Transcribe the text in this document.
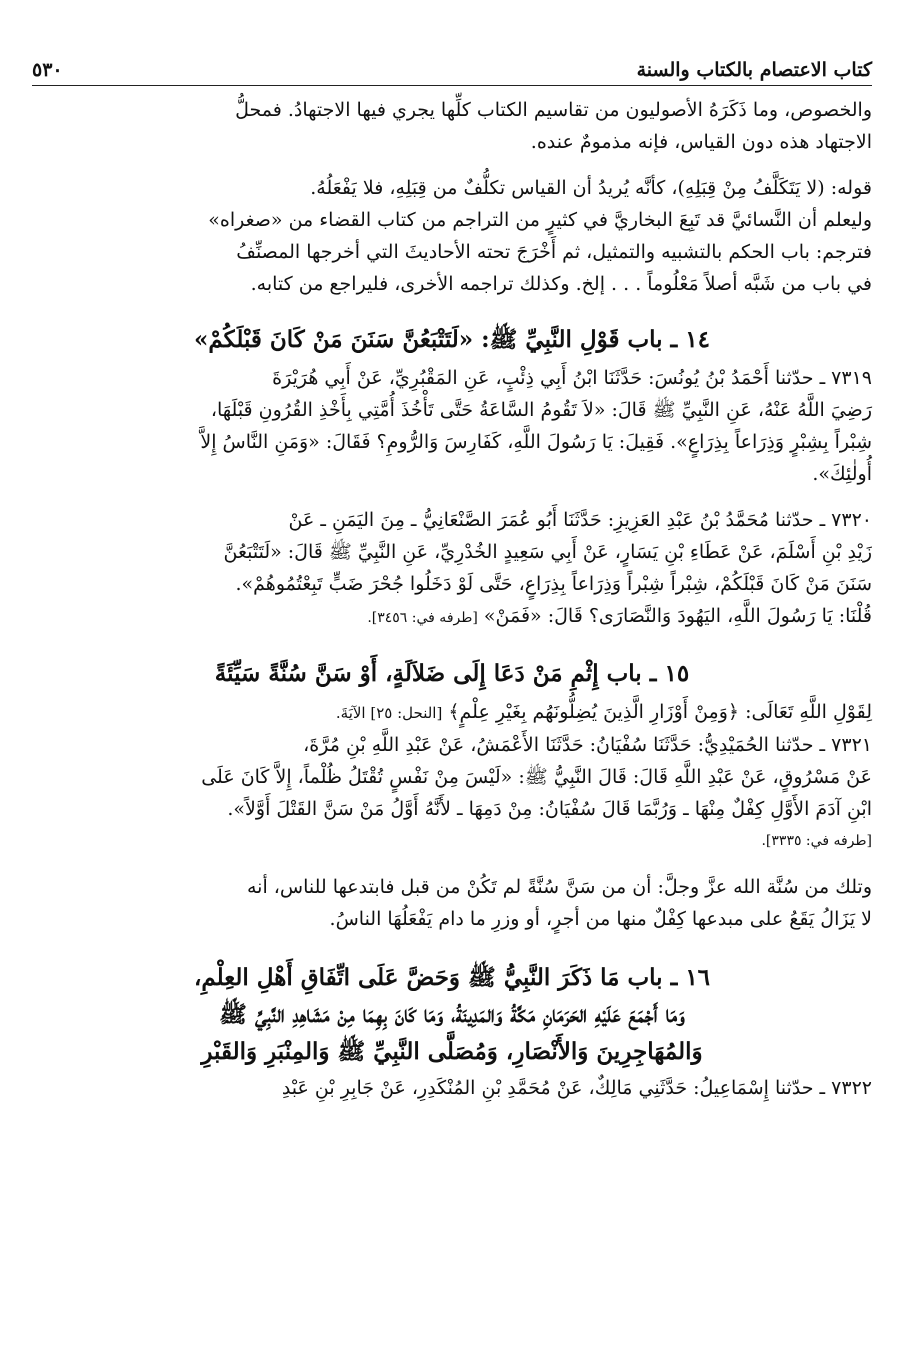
كتاب الاعتصام بالكتاب والسنة
٥٣٠

والخصوص، وما ذَكَرَهُ الأصوليون من تقاسيم الكتاب كلِّها يجري فيها الاجتهادُ. فمحلُّ

الاجتهاد هذه دون القياس، فإنه مذمومٌ عنده.

قوله: (لا يَتَكَلَّفُ مِنْ قِبَلِهِ)، كأنَّه يُريدُ أن القياس تكلُّفٌ من قِبَلِهِ، فلا يَفْعَلُهُ.

وليعلم أن النَّسائيَّ قد تَبِعَ البخاريَّ في كثيرٍ من التراجم من كتاب القضاء من «صغراه»

فترجم: باب الحكم بالتشبيه والتمثيل، ثم أَخْرَجَ تحته الأحاديثَ التي أخرجها المصنِّفُ

في باب من شَبَّه أصلاً مَعْلُوماً . . . إلخ. وكذلك تراجمه الأخرى، فليراجع من كتابه.

١٤ ـ باب قَوْلِ النَّبِيِّ ﷺ: «لَتَتْبَعُنَّ سَنَنَ مَنْ كَانَ قَبْلَكُمْ»

٧٣١٩ ـ حدّثنا أَحْمَدُ بْنُ يُونُسَ: حَدَّثَنَا ابْنُ أَبِي ذِئْبٍ، عَنِ المَقْبُرِيِّ، عَنْ أَبِي هُرَيْرَةَ

رَضِيَ اللَّهُ عَنْهُ، عَنِ النَّبِيِّ ﷺ قَالَ: «لاَ تَقُومُ السَّاعَةُ حَتَّى تَأْخُذَ أُمَّتِي بِأَخْذِ القُرُونِ قَبْلَهَا،

شِبْراً بِشِبْرٍ وَذِرَاعاً بِذِرَاعٍ». فَقِيلَ: يَا رَسُولَ اللَّهِ، كَفَارِسَ وَالرُّومِ؟ فَقَالَ: «وَمَنِ النَّاسُ إِلاَّ

أُولٰئِكَ».

٧٣٢٠ ـ حدّثنا مُحَمَّدُ بْنُ عَبْدِ العَزِيزِ: حَدَّثَنَا أَبُو عُمَرَ الصَّنْعَانِيُّ ـ مِنَ اليَمَنِ ـ عَنْ

زَيْدِ بْنِ أَسْلَمَ، عَنْ عَطَاءِ بْنِ يَسَارٍ، عَنْ أَبِي سَعِيدٍ الخُدْرِيِّ، عَنِ النَّبِيِّ ﷺ قَالَ: «لَتَتْبَعُنَّ

سَنَنَ مَنْ كَانَ قَبْلَكُمْ، شِبْراً شِبْراً وَذِرَاعاً بِذِرَاعٍ، حَتَّى لَوْ دَخَلُوا جُحْرَ ضَبٍّ تَبِعْتُمُوهُمْ».

قُلْنَا: يَا رَسُولَ اللَّهِ، اليَهُودَ وَالنَّصَارَى؟ قَالَ: «فَمَنْ» [طرفه في: ٣٤٥٦].

١٥ ـ باب إِثْمِ مَنْ دَعَا إِلَى ضَلاَلَةٍ، أَوْ سَنَّ سُنَّةً سَيِّئَةً

لِقَوْلِ اللَّهِ تَعَالَى: ﴿وَمِنْ أَوْزَارِ الَّذِينَ يُضِلُّونَهُم بِغَيْرِ عِلْمٍ﴾ [النحل: ٢٥] الآيَةَ.

٧٣٢١ ـ حدّثنا الحُمَيْدِيُّ: حَدَّثَنَا سُفْيَانُ: حَدَّثَنَا الأَعْمَشُ، عَنْ عَبْدِ اللَّهِ بْنِ مُرَّةَ،

عَنْ مَسْرُوقٍ، عَنْ عَبْدِ اللَّهِ قَالَ: قَالَ النَّبِيُّ ﷺ: «لَيْسَ مِنْ نَفْسٍ تُقْتَلُ ظُلْماً، إِلاَّ كَانَ عَلَى

ابْنِ آدَمَ الأَوَّلِ كِفْلٌ مِنْهَا ـ وَرُبَّمَا قَالَ سُفْيَانُ: مِنْ دَمِهَا ـ لأَنَّهُ أَوَّلُ مَنْ سَنَّ القَتْلَ أَوَّلاً».

[طرفه في: ٣٣٣٥].

وتلك من سُنَّة الله عزَّ وجلَّ: أن من سَنَّ سُنَّةً لم تَكُنْ من قبل فابتدعها للناس، أنه

لا يَزَالُ يَقَعُ على مبدعها كِفْلٌ منها من أجرٍ، أو وزرِ ما دام يَفْعَلُهَا الناسُ.

١٦ ـ باب مَا ذَكَرَ النَّبِيُّ ﷺ وَحَضَّ عَلَى اتِّفَاقِ أَهْلِ العِلْمِ،
وَمَا أَجْمَعَ عَلَيْهِ الحَرَمَانِ مَكَّةُ وَالمَدِينَةُ، وَمَا كَانَ بِهِمَا مِنْ مَشَاهِدِ النَّبِيِّ ﷺ
وَالمُهَاجِرِينَ وَالأَنْصَارِ، وَمُصَلَّى النَّبِيِّ ﷺ وَالمِنْبَرِ وَالقَبْرِ

٧٣٢٢ ـ حدّثنا إِسْمَاعِيلُ: حَدَّثَنِي مَالِكٌ، عَنْ مُحَمَّدِ بْنِ المُنْكَدِرِ، عَنْ جَابِرِ بْنِ عَبْدِ
